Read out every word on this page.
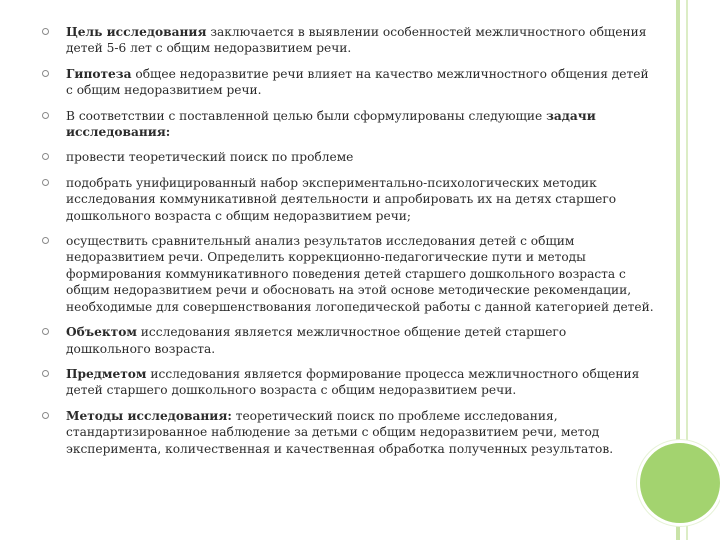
Цель исследования заключается в выявлении особенностей межличностного общения детей 5-6 лет с общим недоразвитием речи.
Гипотеза общее недоразвитие речи влияет на качество межличностного общения детей с общим недоразвитием речи.
В соответствии с поставленной целью были сформулированы следующие задачи исследования:
провести теоретический поиск по проблеме
подобрать унифицированный набор экспериментально-психологических методик исследования коммуникативной деятельности и апробировать их на детях старшего дошкольного возраста с общим недоразвитием речи;
осуществить сравнительный анализ результатов исследования детей с общим недоразвитием речи. Определить коррекционно-педагогические пути и методы формирования коммуникативного поведения детей старшего дошкольного возраста с общим недоразвитием речи и обосновать на этой основе методические рекомендации, необходимые для совершенствования логопедической работы с данной категорией детей.
Объектом исследования является межличностное общение детей старшего дошкольного возраста.
Предметом исследования является формирование процесса межличностного общения детей старшего дошкольного возраста с общим недоразвитием речи.
Методы исследования: теоретический поиск по проблеме исследования, стандартизированное наблюдение за детьми с общим недоразвитием речи, метод эксперимента, количественная и качественная обработка полученных результатов.
